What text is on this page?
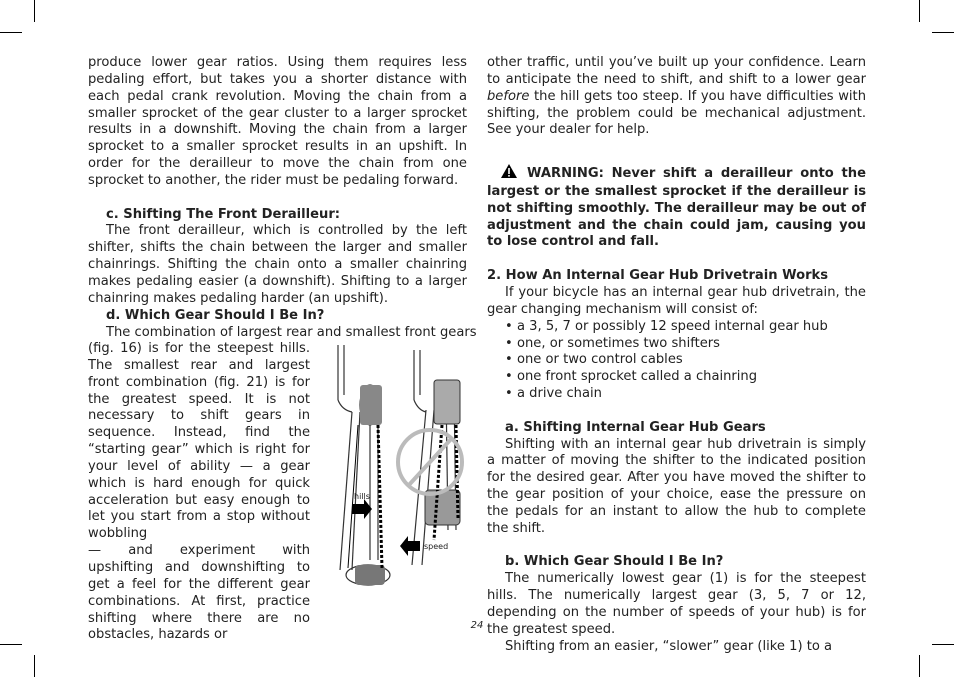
produce lower gear ratios. Using them requires less pedaling effort, but takes you a shorter distance with each pedal crank revolution. Moving the chain from a smaller sprocket of the gear cluster to a larger sprocket results in a downshift. Moving the chain from a larger sprocket to a smaller sprocket results in an upshift. In order for the derailleur to move the chain from one sprocket to another, the rider must be pedaling forward.

c. Shifting The Front Derailleur:

The front derailleur, which is controlled by the left shifter, shifts the chain between the larger and smaller chainrings. Shifting the chain onto a smaller chainring makes pedaling easier (a downshift). Shifting to a larger chainring makes pedaling harder (an upshift).

d. Which Gear Should I Be In?

The combination of largest rear and smallest front gears

(fig. 16) is for the steepest hills. The smallest rear and largest front combination (fig. 21) is for the greatest speed. It is not necessary to shift gears in sequence. Instead, find the “starting gear” which is right for your level of ability — a gear which is hard enough for quick acceleration but easy enough to let you start from a stop without wobbling

— and experiment with upshifting and downshifting to get a feel for the different gear combinations. At first, practice shifting where there are no obstacles, hazards or

hills
speed

other traffic, until you’ve built up your confidence. Learn to anticipate the need to shift, and shift to a lower gear before the hill gets too steep. If you have difficulties with shifting, the problem could be mechanical adjustment. See your dealer for help.

WARNING: Never shift a derailleur onto the largest or the smallest sprocket if the derailleur is not shifting smoothly. The derailleur may be out of adjustment and the chain could jam, causing you to lose control and fall.

2. How An Internal Gear Hub Drivetrain Works

If your bicycle has an internal gear hub drivetrain, the gear changing mechanism will consist of:

• a 3, 5, 7 or possibly 12 speed internal gear hub
• one, or sometimes two shifters
• one or two control cables
• one front sprocket called a chainring
• a drive chain

a. Shifting Internal Gear Hub Gears

Shifting with an internal gear hub drivetrain is simply a matter of moving the shifter to the indicated position for the desired gear. After you have moved the shifter to the gear position of your choice, ease the pressure on the pedals for an instant to allow the hub to complete the shift.

b. Which Gear Should I Be In?

The numerically lowest gear (1) is for the steepest hills. The numerically largest gear (3, 5, 7 or 12, depending on the number of speeds of your hub) is for the greatest speed.

Shifting from an easier, “slower” gear (like 1) to a

24
